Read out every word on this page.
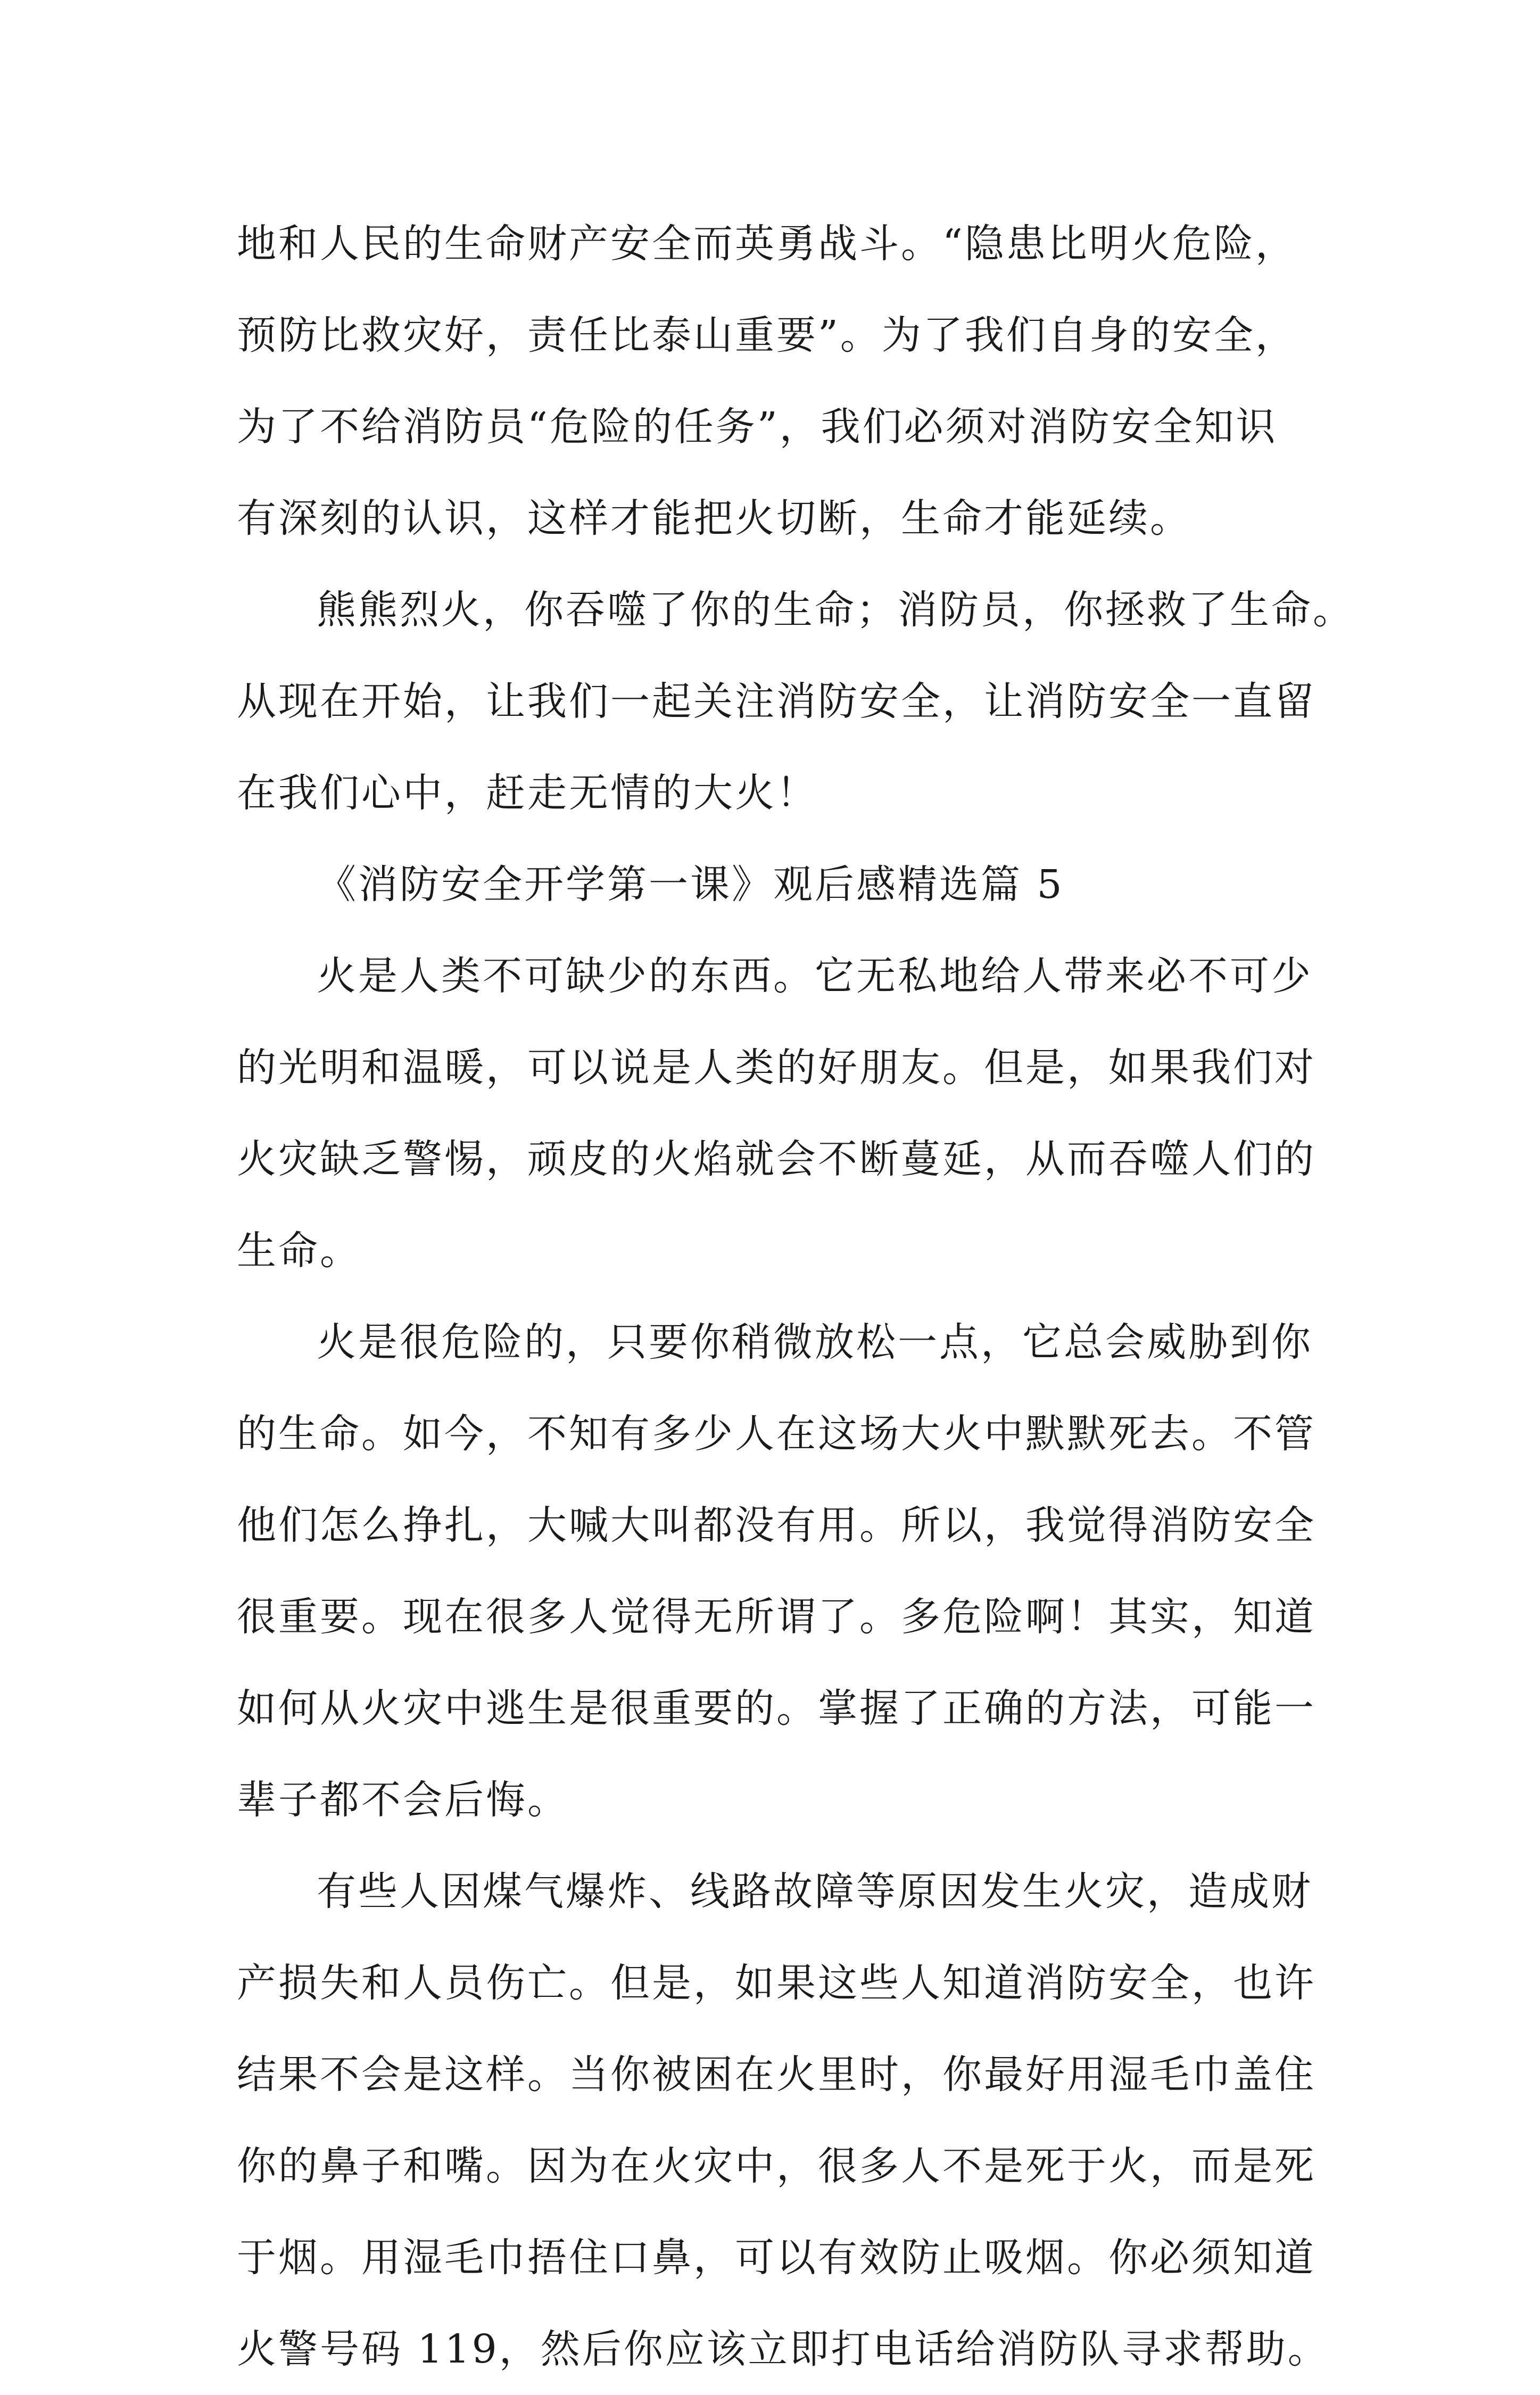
地和人民的生命财产安全而英勇战斗。“隐患比明火危险，
预防比救灾好，责任比泰山重要”。为了我们自身的安全，
为了不给消防员“危险的任务”，我们必须对消防安全知识
有深刻的认识，这样才能把火切断，生命才能延续。
熊熊烈火，你吞噬了你的生命；消防员，你拯救了生命。
从现在开始，让我们一起关注消防安全，让消防安全一直留
在我们心中，赶走无情的大火！
《消防安全开学第一课》观后感精选篇 5
火是人类不可缺少的东西。它无私地给人带来必不可少
的光明和温暖，可以说是人类的好朋友。但是，如果我们对
火灾缺乏警惕，顽皮的火焰就会不断蔓延，从而吞噬人们的
生命。
火是很危险的，只要你稍微放松一点，它总会威胁到你
的生命。如今，不知有多少人在这场大火中默默死去。不管
他们怎么挣扎，大喊大叫都没有用。所以，我觉得消防安全
很重要。现在很多人觉得无所谓了。多危险啊！其实，知道
如何从火灾中逃生是很重要的。掌握了正确的方法，可能一
辈子都不会后悔。
有些人因煤气爆炸、线路故障等原因发生火灾，造成财
产损失和人员伤亡。但是，如果这些人知道消防安全，也许
结果不会是这样。当你被困在火里时，你最好用湿毛巾盖住
你的鼻子和嘴。因为在火灾中，很多人不是死于火，而是死
于烟。用湿毛巾捂住口鼻，可以有效防止吸烟。你必须知道
火警号码 119，然后你应该立即打电话给消防队寻求帮助。
